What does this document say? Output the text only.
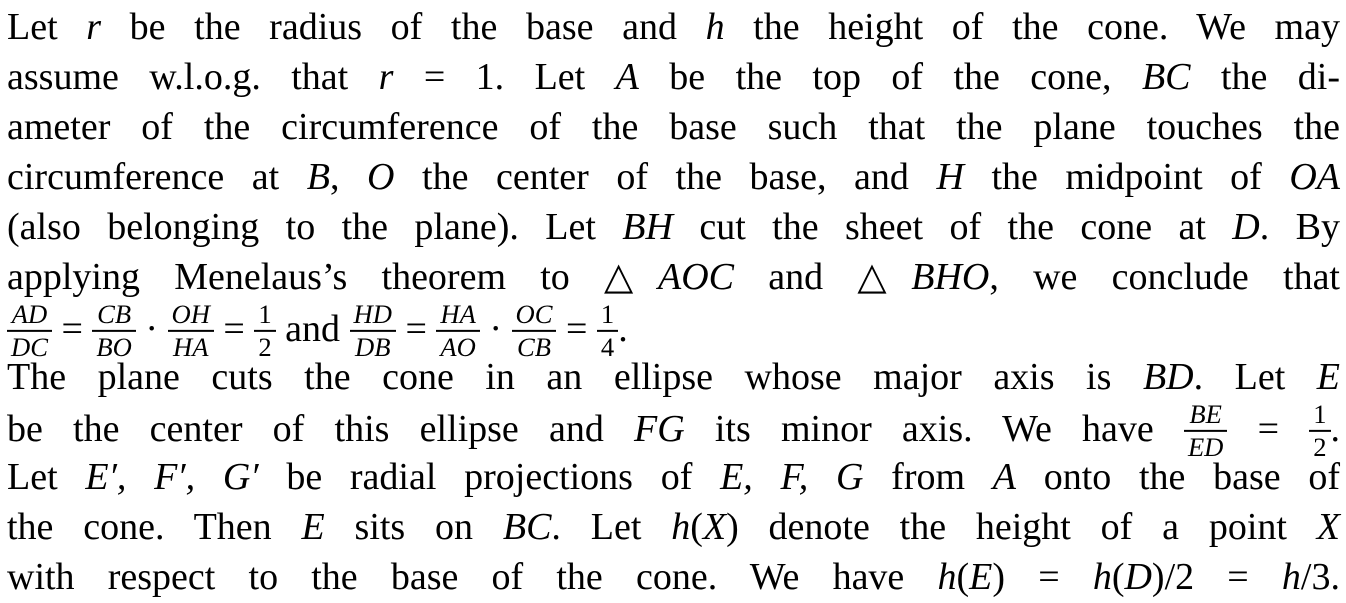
Let r be the radius of the base and h the height of the cone. We may
assume w.l.o.g. that r = 1. Let A be the top of the cone, BC the di-
ameter of the circumference of the base such that the plane touches the
circumference at B, O the center of the base, and H the midpoint of OA
(also belonging to the plane). Let BH cut the sheet of the cone at D. By
applying Menelaus’s theorem to △AOC and △BHO, we conclude that
$\frac{AD}{DC} = \frac{CB}{BO} \cdot \frac{OH}{HA} = \frac{1}{2}$ and $\frac{HD}{DB} = \frac{HA}{AO} \cdot \frac{OC}{CB} = \frac{1}{4}$ .
The plane cuts the cone in an ellipse whose major axis is BD. Let E
be the center of this ellipse and FG its minor axis. We have $\frac{BE}{ED} = \frac{1}{2}$ .
Let E′, F′, G′ be radial projections of E, F, G from A onto the base of
the cone. Then E sits on BC. Let h(X) denote the height of a point X
with respect to the base of the cone. We have h(E) = h(D)/2 = h/3.
